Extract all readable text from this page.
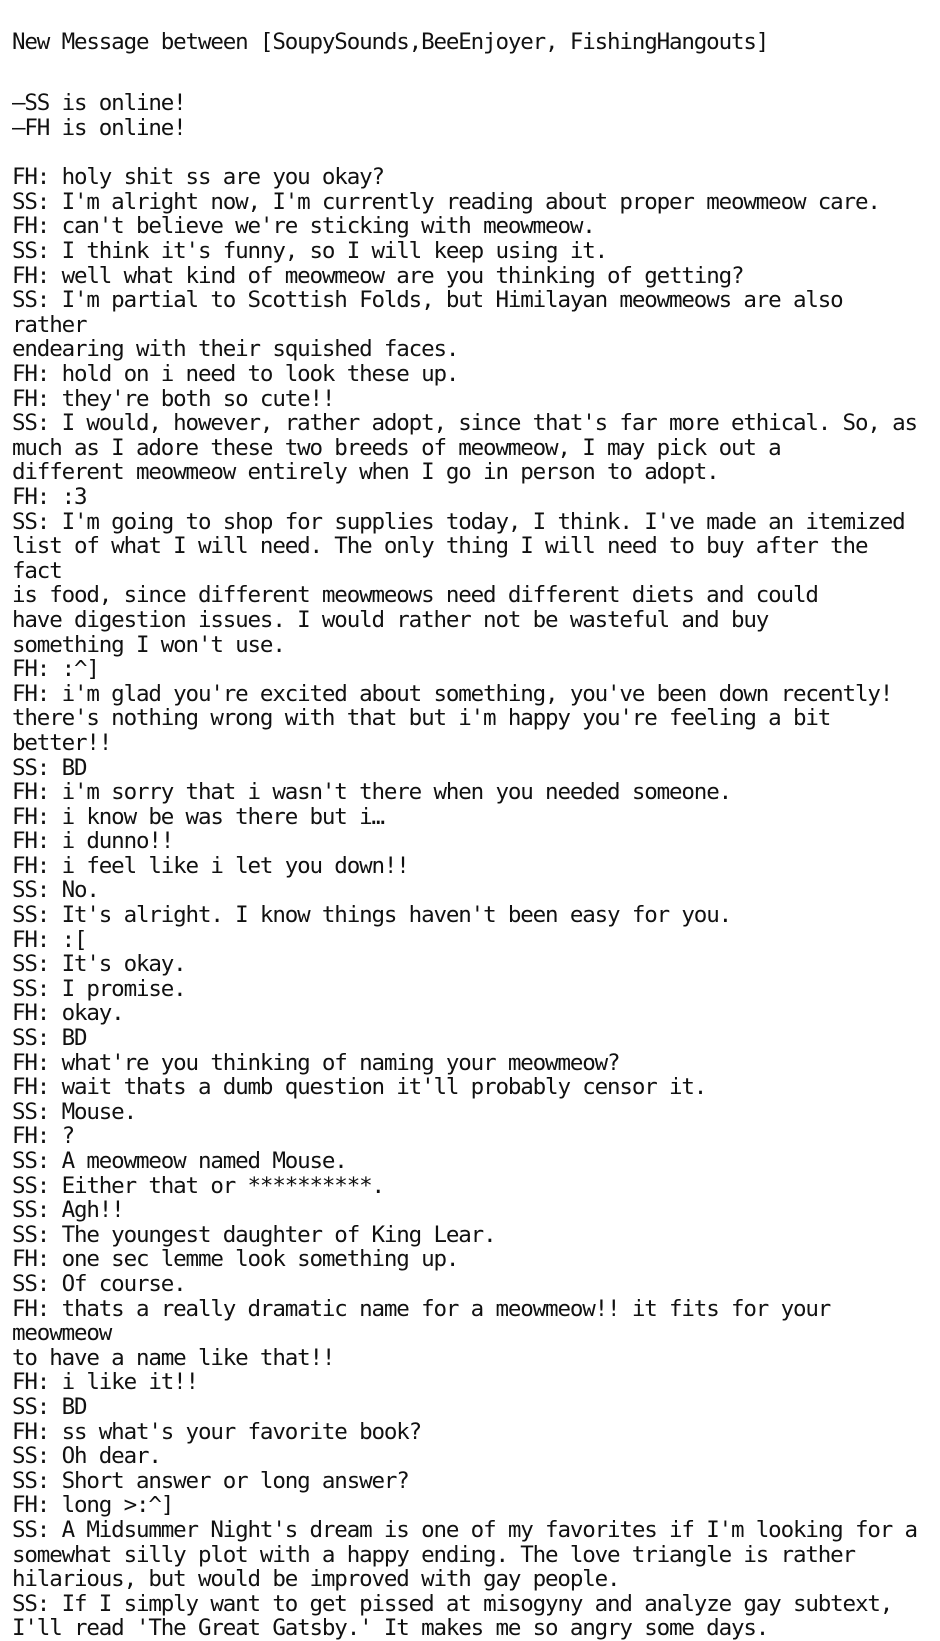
New Message between [SoupySounds,BeeEnjoyer, FishingHangouts]
–SS is online!
–FH is online!
FH: holy shit ss are you okay?
SS: I'm alright now, I'm currently reading about proper meowmeow care.
FH: can't believe we're sticking with meowmeow.
SS: I think it's funny, so I will keep using it.
FH: well what kind of meowmeow are you thinking of getting?
SS: I'm partial to Scottish Folds, but Himilayan meowmeows are also rather
endearing with their squished faces.
FH: hold on i need to look these up.
FH: they're both so cute!!
SS: I would, however, rather adopt, since that's far more ethical. So, as
much as I adore these two breeds of meowmeow, I may pick out a
different meowmeow entirely when I go in person to adopt.
FH: :3
SS: I'm going to shop for supplies today, I think. I've made an itemized
list of what I will need. The only thing I will need to buy after the fact
is food, since different meowmeows need different diets and could
have digestion issues. I would rather not be wasteful and buy
something I won't use.
FH: :^]
FH: i'm glad you're excited about something, you've been down recently!
there's nothing wrong with that but i'm happy you're feeling a bit
better!!
SS: BD
FH: i'm sorry that i wasn't there when you needed someone.
FH: i know be was there but i…
FH: i dunno!!
FH: i feel like i let you down!!
SS: No.
SS: It's alright. I know things haven't been easy for you.
FH: :[
SS: It's okay.
SS: I promise.
FH: okay.
SS: BD
FH: what're you thinking of naming your meowmeow?
FH: wait thats a dumb question it'll probably censor it.
SS: Mouse.
FH: ?
SS: A meowmeow named Mouse.
SS: Either that or **********.
SS: Agh!!
SS: The youngest daughter of King Lear.
FH: one sec lemme look something up.
SS: Of course.
FH: thats a really dramatic name for a meowmeow!! it fits for your meowmeow
to have a name like that!!
FH: i like it!!
SS: BD
FH: ss what's your favorite book?
SS: Oh dear.
SS: Short answer or long answer?
FH: long >:^]
SS: A Midsummer Night's dream is one of my favorites if I'm looking for a
somewhat silly plot with a happy ending. The love triangle is rather
hilarious, but would be improved with gay people.
SS: If I simply want to get pissed at misogyny and analyze gay subtext,
I'll read 'The Great Gatsby.' It makes me so angry some days.
